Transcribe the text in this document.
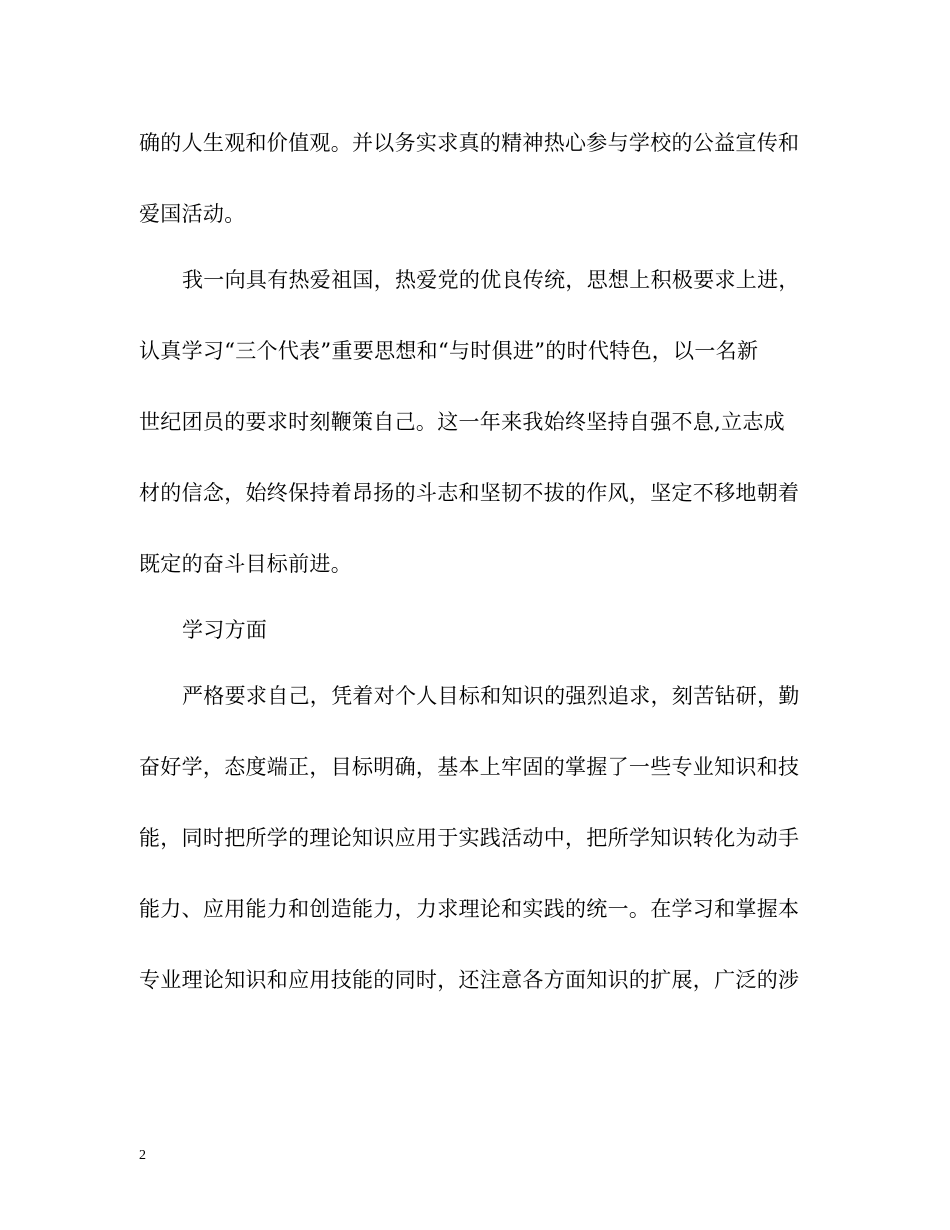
确的人生观和价值观。并以务实求真的精神热心参与学校的公益宣传和
爱国活动。
我一向具有热爱祖国，热爱党的优良传统，思想上积极要求上进，
认真学习“三个代表”重要思想和“与时俱进”的时代特色，以一名新
世纪团员的要求时刻鞭策自己。这一年来我始终坚持自强不息,立志成
材的信念，始终保持着昂扬的斗志和坚韧不拔的作风，坚定不移地朝着
既定的奋斗目标前进。
学习方面
严格要求自己，凭着对个人目标和知识的强烈追求，刻苦钻研，勤
奋好学，态度端正，目标明确，基本上牢固的掌握了一些专业知识和技
能，同时把所学的理论知识应用于实践活动中，把所学知识转化为动手
能力、应用能力和创造能力，力求理论和实践的统一。在学习和掌握本
专业理论知识和应用技能的同时，还注意各方面知识的扩展，广泛的涉
2
